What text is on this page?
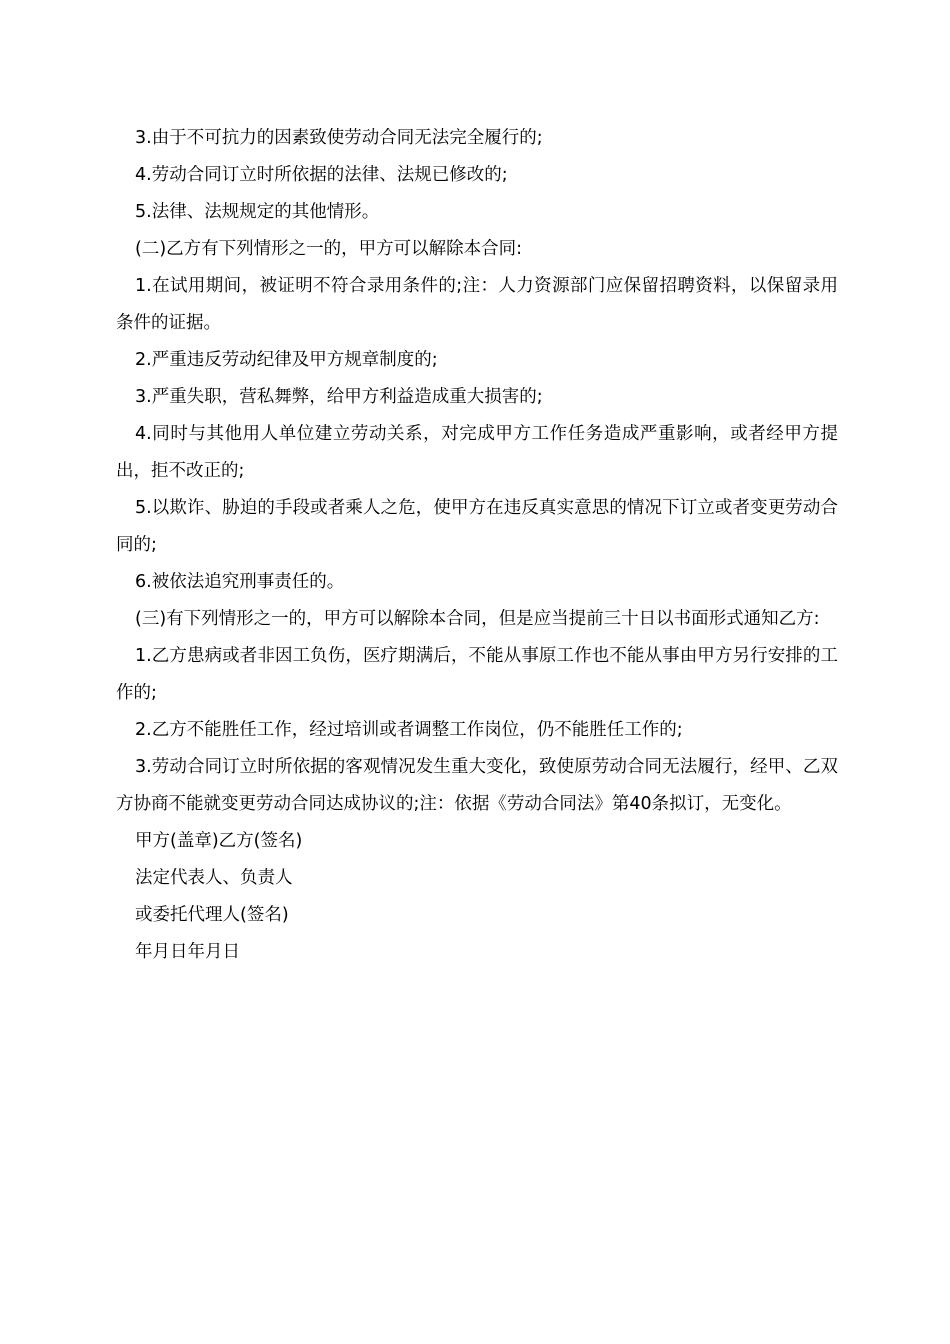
3.由于不可抗力的因素致使劳动合同无法完全履行的;

4.劳动合同订立时所依据的法律、法规已修改的;

5.法律、法规规定的其他情形。

(二)乙方有下列情形之一的，甲方可以解除本合同:

1.在试用期间，被证明不符合录用条件的;注：人力资源部门应保留招聘资料，以保留录用条件的证据。

2.严重违反劳动纪律及甲方规章制度的;

3.严重失职，营私舞弊，给甲方利益造成重大损害的;

4.同时与其他用人单位建立劳动关系，对完成甲方工作任务造成严重影响，或者经甲方提出，拒不改正的;

5.以欺诈、胁迫的手段或者乘人之危，使甲方在违反真实意思的情况下订立或者变更劳动合同的;

6.被依法追究刑事责任的。

(三)有下列情形之一的，甲方可以解除本合同，但是应当提前三十日以书面形式通知乙方:

1.乙方患病或者非因工负伤，医疗期满后，不能从事原工作也不能从事由甲方另行安排的工作的;

2.乙方不能胜任工作，经过培训或者调整工作岗位，仍不能胜任工作的;

3.劳动合同订立时所依据的客观情况发生重大变化，致使原劳动合同无法履行，经甲、乙双方协商不能就变更劳动合同达成协议的;注：依据《劳动合同法》第40条拟订，无变化。

甲方(盖章)乙方(签名)

法定代表人、负责人

或委托代理人(签名)

年月日年月日
